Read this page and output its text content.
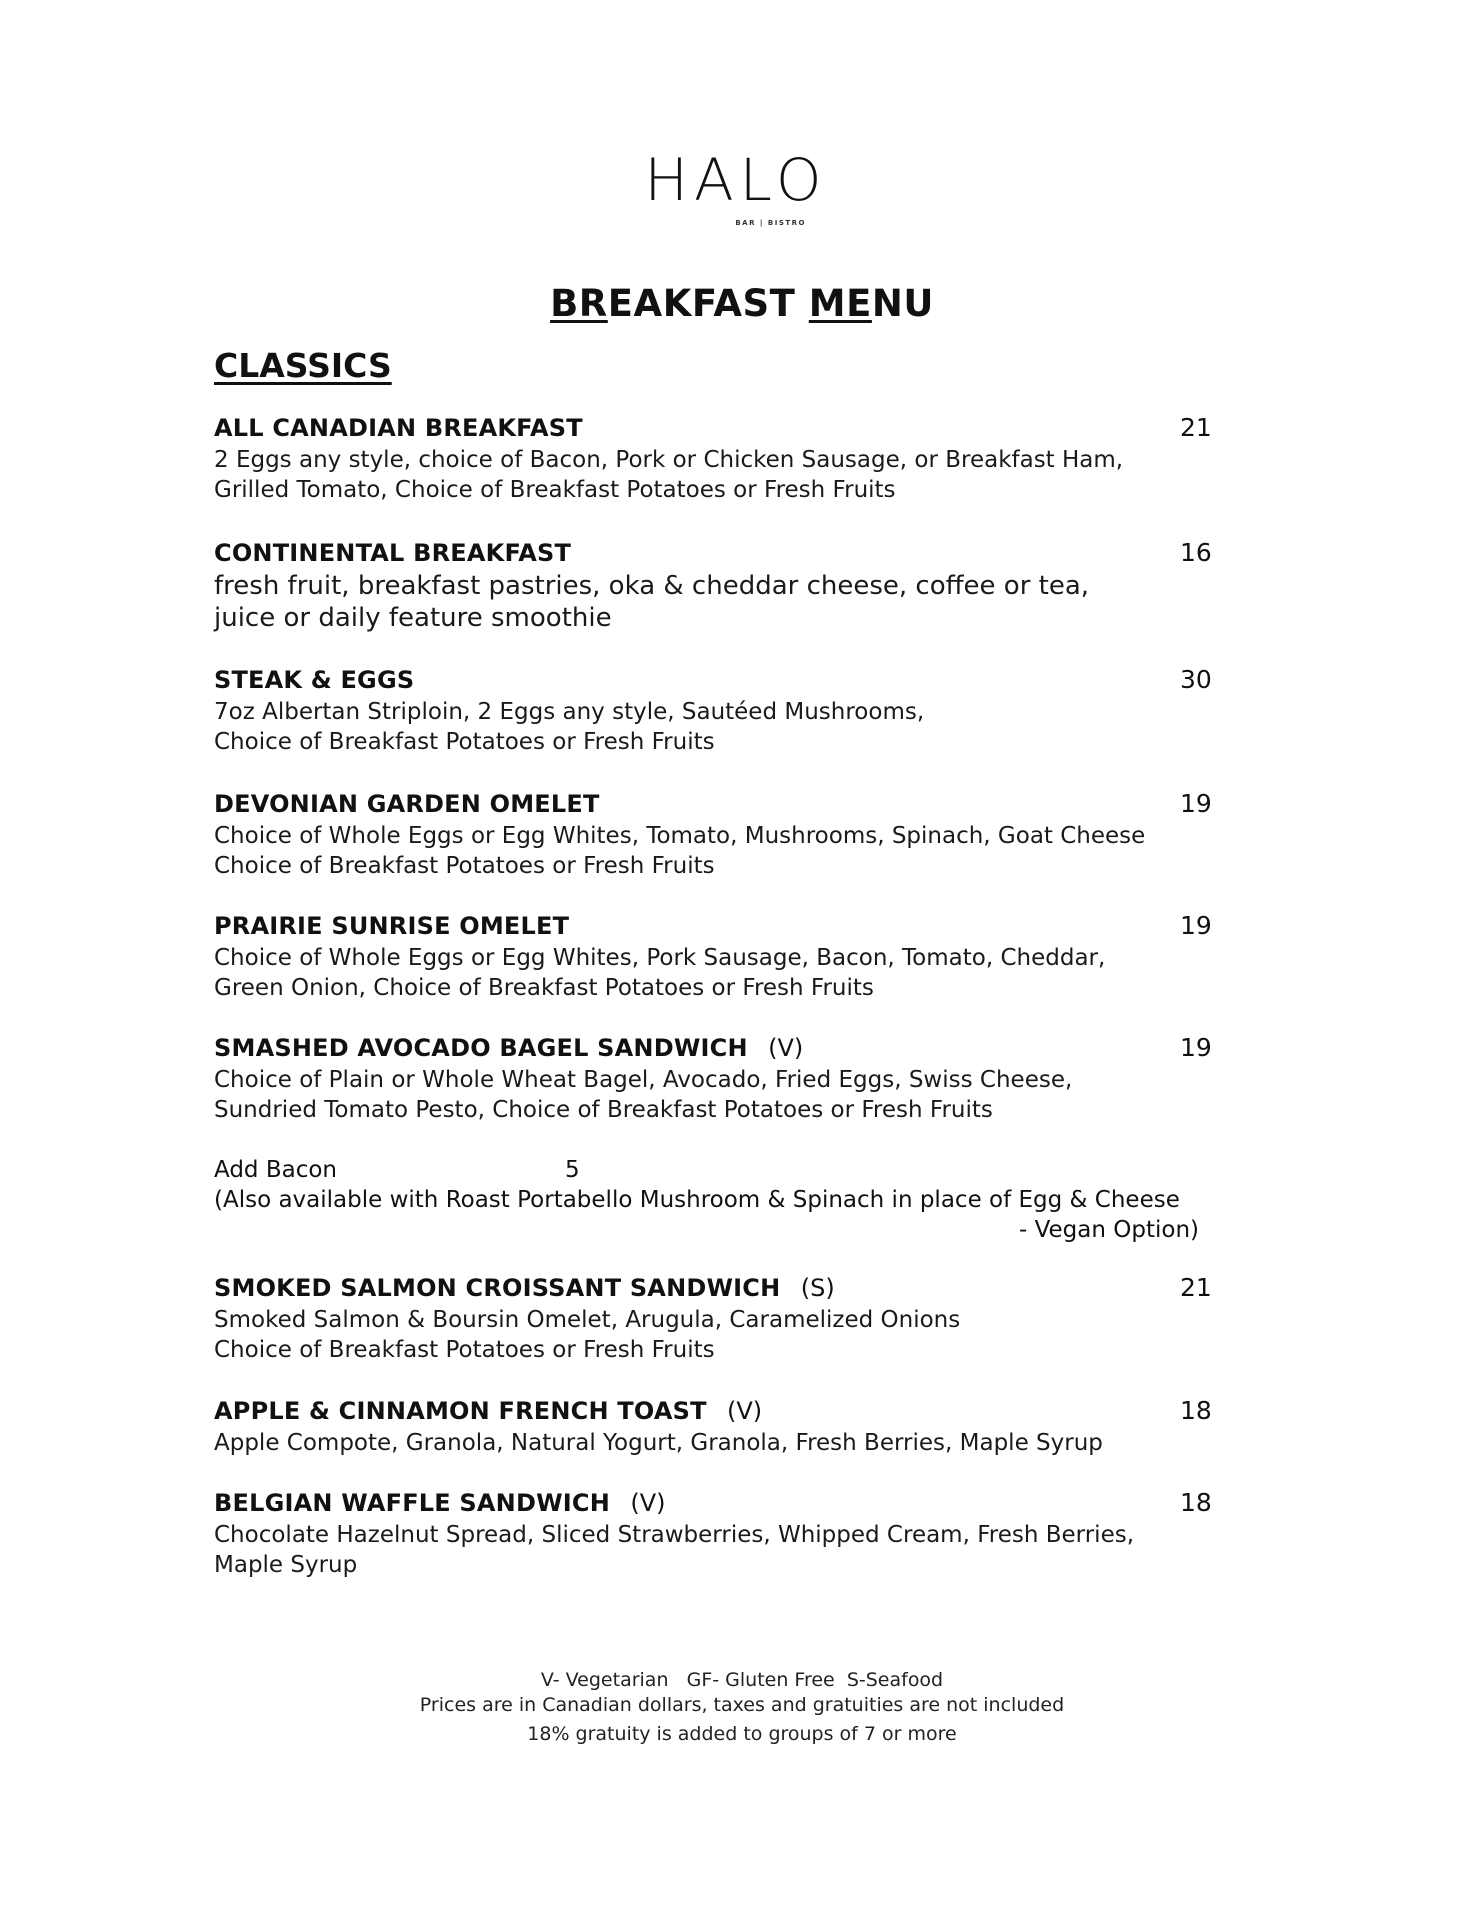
HALO
BAR | BISTRO
BREAKFAST MENU
CLASSICS
ALL CANADIAN BREAKFAST	21
2 Eggs any style, choice of Bacon, Pork or Chicken Sausage, or Breakfast Ham,
Grilled Tomato, Choice of Breakfast Potatoes or Fresh Fruits
CONTINENTAL BREAKFAST	16
fresh fruit, breakfast pastries, oka & cheddar cheese, coffee or tea,
juice or daily feature smoothie
STEAK & EGGS	30
7oz Albertan Striploin, 2 Eggs any style, Sautéed Mushrooms,
Choice of Breakfast Potatoes or Fresh Fruits
DEVONIAN GARDEN OMELET	19
Choice of Whole Eggs or Egg Whites, Tomato, Mushrooms, Spinach, Goat Cheese
Choice of Breakfast Potatoes or Fresh Fruits
PRAIRIE SUNRISE OMELET	19
Choice of Whole Eggs or Egg Whites, Pork Sausage, Bacon, Tomato, Cheddar,
Green Onion, Choice of Breakfast Potatoes or Fresh Fruits
SMASHED AVOCADO BAGEL SANDWICH   (V)	19
Choice of Plain or Whole Wheat Bagel, Avocado, Fried Eggs, Swiss Cheese,
Sundried Tomato Pesto, Choice of Breakfast Potatoes or Fresh Fruits
Add Bacon	5
(Also available with Roast Portabello Mushroom & Spinach in place of Egg & Cheese
- Vegan Option)
SMOKED SALMON CROISSANT SANDWICH   (S)	21
Smoked Salmon & Boursin Omelet, Arugula, Caramelized Onions
Choice of Breakfast Potatoes or Fresh Fruits
APPLE & CINNAMON FRENCH TOAST   (V)	18
Apple Compote, Granola, Natural Yogurt, Granola, Fresh Berries, Maple Syrup
BELGIAN WAFFLE SANDWICH   (V)	18
Chocolate Hazelnut Spread, Sliced Strawberries, Whipped Cream, Fresh Berries,
Maple Syrup
V- Vegetarian   GF- Gluten Free  S-Seafood
Prices are in Canadian dollars, taxes and gratuities are not included
18% gratuity is added to groups of 7 or more
